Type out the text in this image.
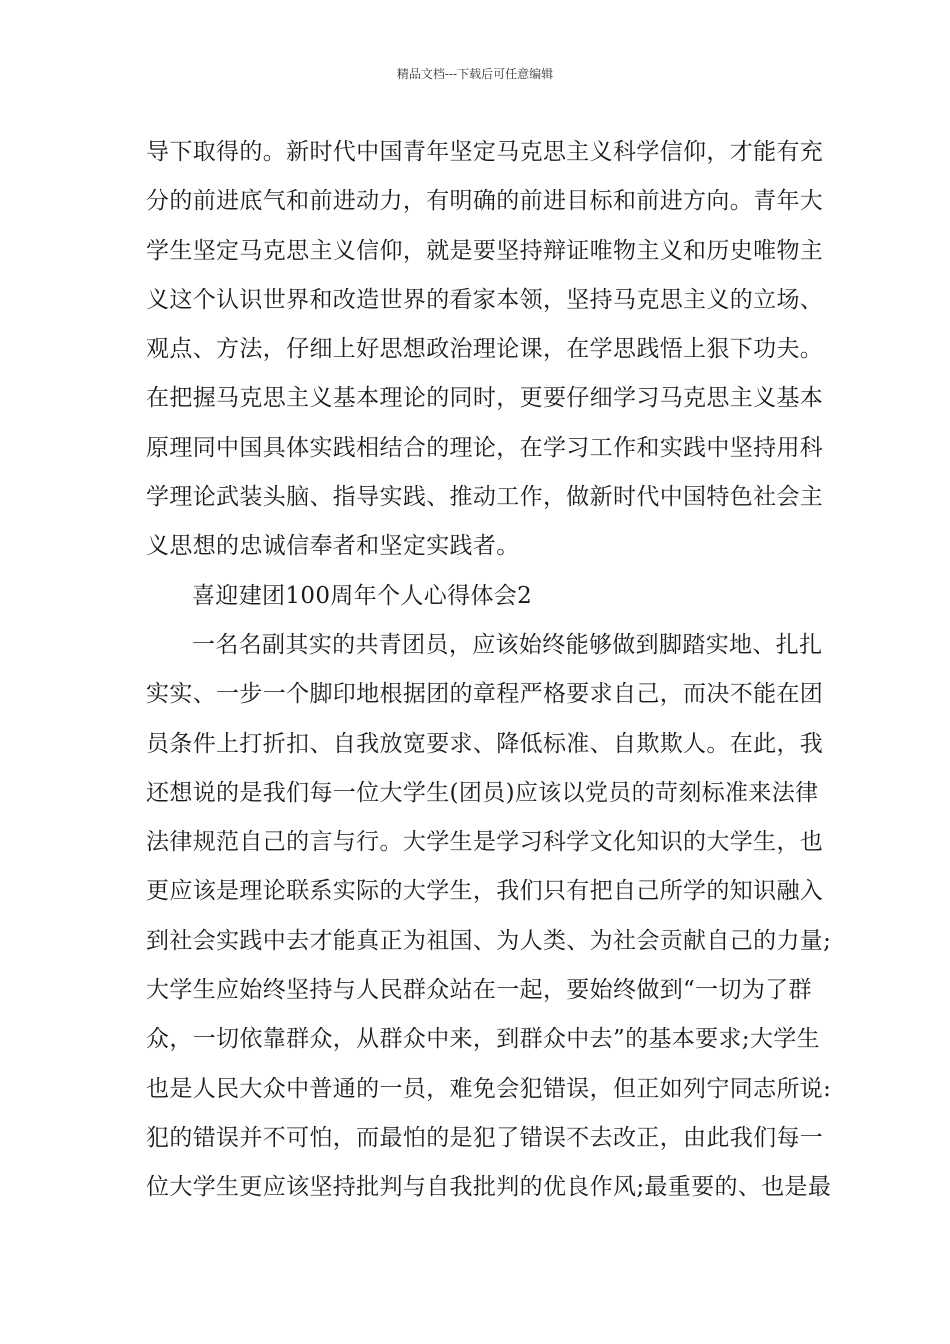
精品文档---下载后可任意编辑
导下取得的。新时代中国青年坚定马克思主义科学信仰，才能有充
分的前进底气和前进动力，有明确的前进目标和前进方向。青年大
学生坚定马克思主义信仰，就是要坚持辩证唯物主义和历史唯物主
义这个认识世界和改造世界的看家本领，坚持马克思主义的立场、
观点、方法，仔细上好思想政治理论课，在学思践悟上狠下功夫。
在把握马克思主义基本理论的同时，更要仔细学习马克思主义基本
原理同中国具体实践相结合的理论，在学习工作和实践中坚持用科
学理论武装头脑、指导实践、推动工作，做新时代中国特色社会主
义思想的忠诚信奉者和坚定实践者。
喜迎建团100周年个人心得体会2
一名名副其实的共青团员，应该始终能够做到脚踏实地、扎扎
实实、一步一个脚印地根据团的章程严格要求自己，而决不能在团
员条件上打折扣、自我放宽要求、降低标准、自欺欺人。在此，我
还想说的是我们每一位大学生(团员)应该以党员的苛刻标准来法律
法律规范自己的言与行。大学生是学习科学文化知识的大学生，也
更应该是理论联系实际的大学生，我们只有把自己所学的知识融入
到社会实践中去才能真正为祖国、为人类、为社会贡献自己的力量;
大学生应始终坚持与人民群众站在一起，要始终做到“一切为了群
众，一切依靠群众，从群众中来，到群众中去”的基本要求;大学生
也是人民大众中普通的一员，难免会犯错误，但正如列宁同志所说:
犯的错误并不可怕，而最怕的是犯了错误不去改正，由此我们每一
位大学生更应该坚持批判与自我批判的优良作风;最重要的、也是最
